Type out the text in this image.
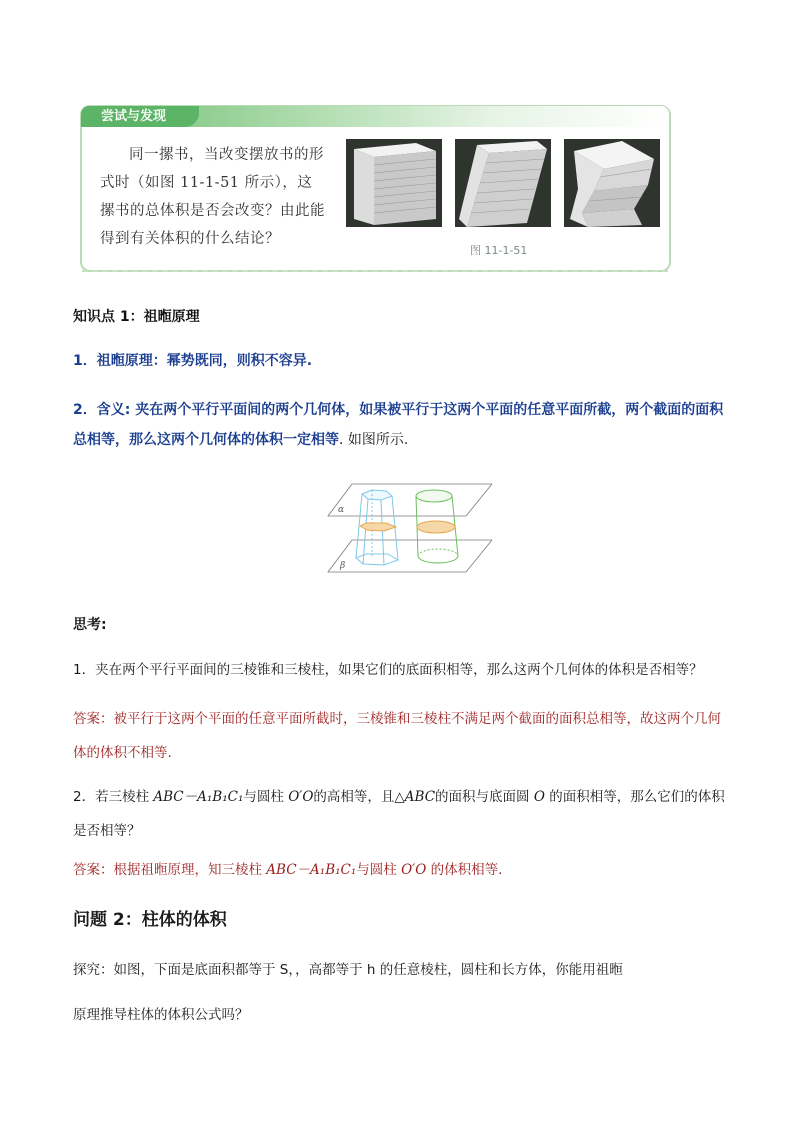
尝试与发现
同一摞书，当改变摆放书的形式时（如图 11-1-51 所示），这摞书的总体积是否会改变？由此能得到有关体积的什么结论？
图 11-1-51
知识点 1：祖暅原理
1．祖暅原理：幂势既同，则积不容异.
2．含义: 夹在两个平行平面间的两个几何体，如果被平行于这两个平面的任意平面所截，两个截面的面积总相等，那么这两个几何体的体积一定相等. 如图所示.
α
β
思考:
1．夹在两个平行平面间的三棱锥和三棱柱，如果它们的底面积相等，那么这两个几何体的体积是否相等？
答案：被平行于这两个平面的任意平面所截时，三棱锥和三棱柱不满足两个截面的面积总相等，故这两个几何体的体积不相等.
2．若三棱柱 ABC－A₁B₁C₁与圆柱 O′O的高相等，且△ABC的面积与底面圆 O 的面积相等，那么它们的体积是否相等？
答案：根据祖暅原理，知三棱柱 ABC－A₁B₁C₁与圆柱 O′O 的体积相等.
问题 2：柱体的体积
探究：如图，下面是底面积都等于 S，，高都等于 h 的任意棱柱，圆柱和长方体，你能用祖暅
原理推导柱体的体积公式吗？
